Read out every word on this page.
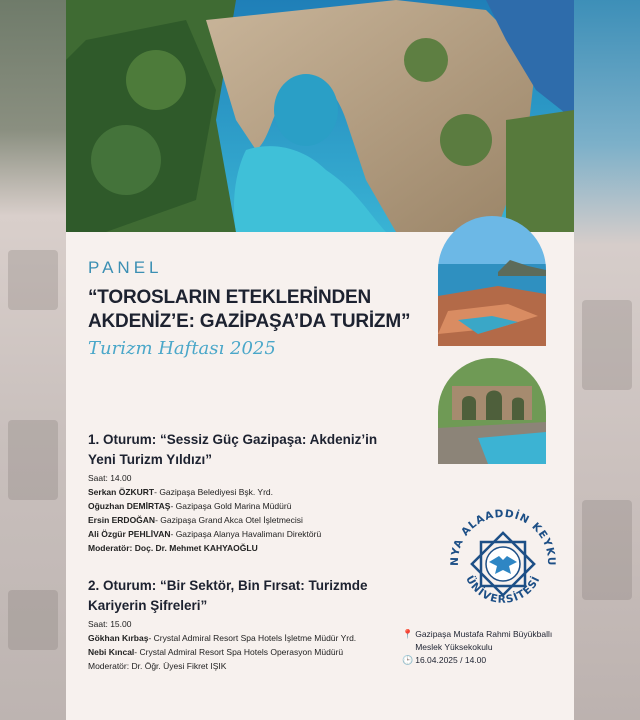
PANEL
“TOROSLARIN ETEKLERİNDEN
AKDENİZ’E: GAZİPAŞA’DA TURİZM”
Turizm Haftası 2025
1. Oturum: “Sessiz Güç Gazipaşa: Akdeniz’in
Yeni Turizm Yıldızı”
Saat: 14.00
Serkan ÖZKURT- Gazipaşa Belediyesi Bşk. Yrd.
Oğuzhan DEMİRTAŞ- Gazipaşa Gold Marina Müdürü
Ersin ERDOĞAN- Gazipaşa Grand Akca Otel İşletmecisi
Ali Özgür PEHLİVAN- Gazipaşa Alanya Havalimanı Direktörü
Moderatör: Doç. Dr. Mehmet KAHYAOĞLU
2. Oturum: “Bir Sektör, Bin Fırsat: Turizmde
Kariyerin Şifreleri”
Saat: 15.00
Gökhan Kırbaş- Crystal Admiral Resort Spa Hotels İşletme Müdür Yrd.
Nebi Kıncal- Crystal Admiral Resort Spa Hotels Operasyon Müdürü
Moderatör: Dr. Öğr. Üyesi Fikret IŞIK
NYA ALAADDİN KEYKU
ÜNİVERSİTESİ
📍 Gazipaşa Mustafa Rahmi Büyükballı
Meslek Yüksekokulu
🕒 16.04.2025 / 14.00
